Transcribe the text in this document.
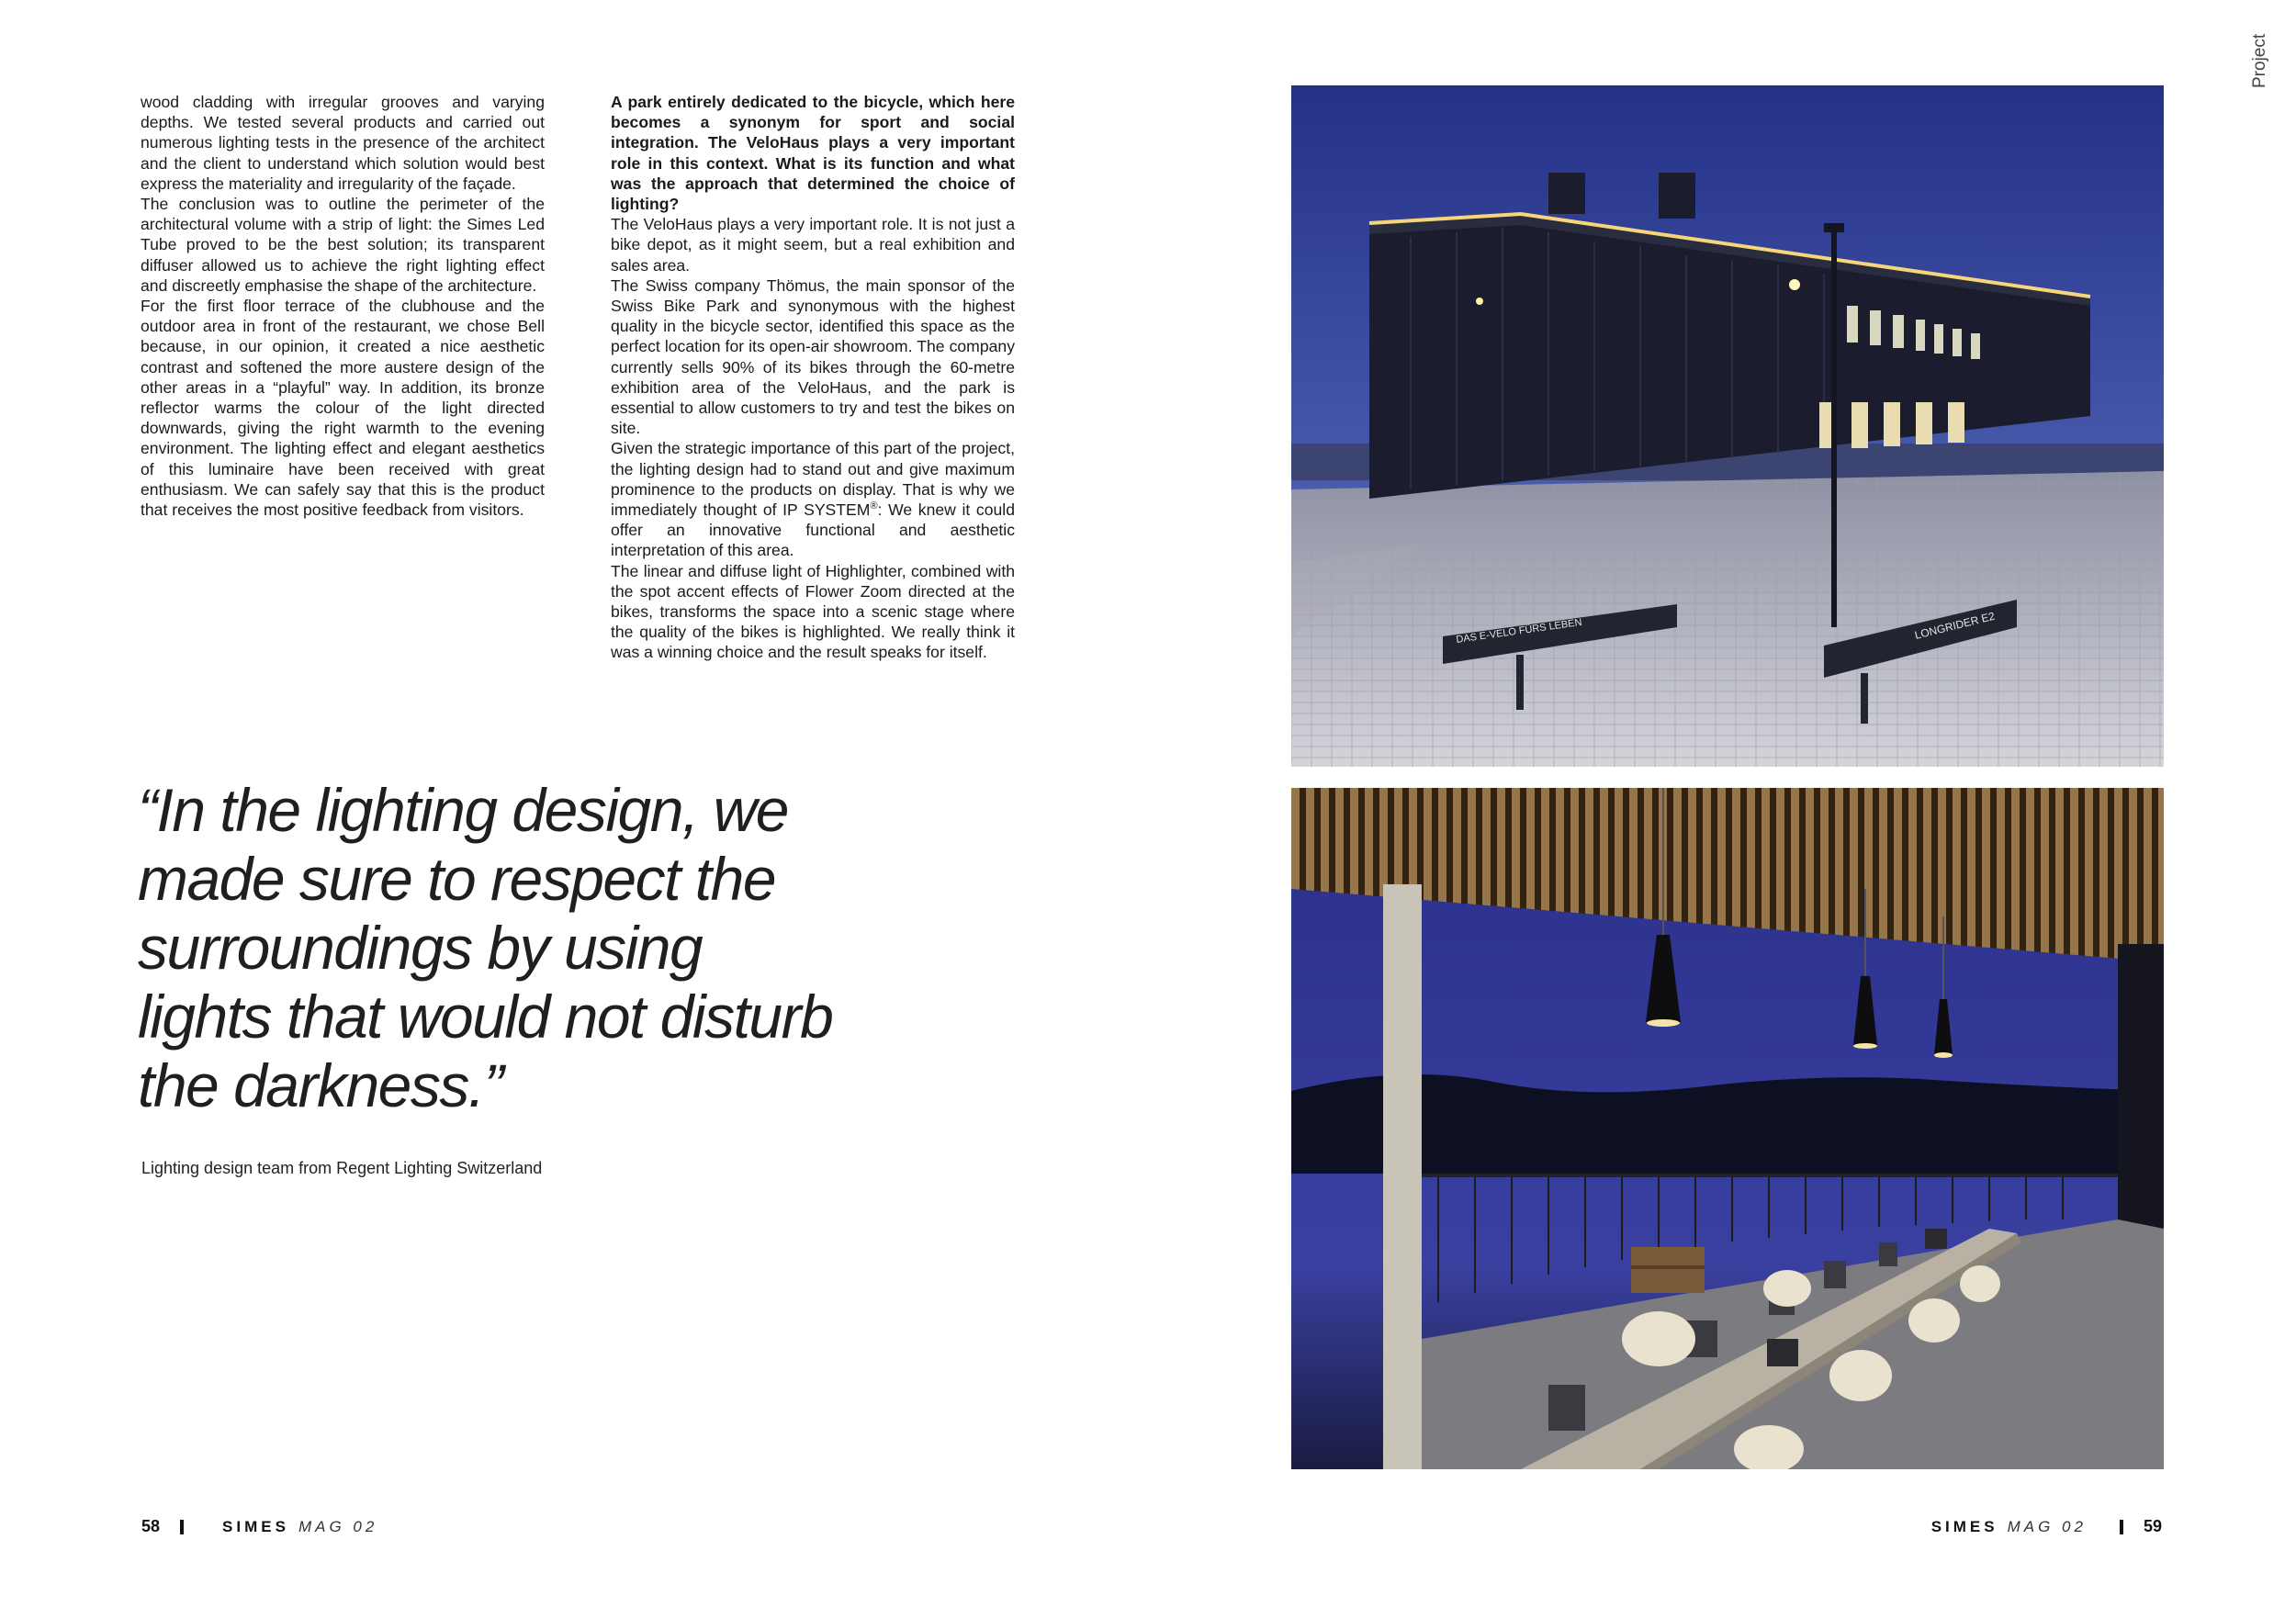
wood cladding with irregular grooves and varying depths. We tested several products and carried out numerous lighting tests in the presence of the architect and the client to understand which solution would best express the materiality and irregularity of the façade.

The conclusion was to outline the perimeter of the architectural volume with a strip of light: the Simes Led Tube proved to be the best solution; its transparent diffuser allowed us to achieve the right lighting effect and discreetly emphasise the shape of the architecture.

For the first floor terrace of the clubhouse and the outdoor area in front of the restaurant, we chose Bell because, in our opinion, it created a nice aesthetic contrast and softened the more austere design of the other areas in a “playful” way. In addition, its bronze reflector warms the colour of the light directed downwards, giving the right warmth to the evening environment. The lighting effect and elegant aesthetics of this luminaire have been received with great enthusiasm. We can safely say that this is the product that receives the most positive feedback from visitors.

A park entirely dedicated to the bicycle, which here becomes a synonym for sport and social integration. The VeloHaus plays a very important role in this context. What is its function and what was the approach that determined the choice of lighting?

The VeloHaus plays a very important role. It is not just a bike depot, as it might seem, but a real exhibition and sales area.

The Swiss company Thömus, the main sponsor of the Swiss Bike Park and synonymous with the highest quality in the bicycle sector, identified this space as the perfect location for its open-air showroom. The company currently sells 90% of its bikes through the 60-metre exhibition area of the VeloHaus, and the park is essential to allow customers to try and test the bikes on site.

Given the strategic importance of this part of the project, the lighting design had to stand out and give maximum prominence to the products on display. That is why we immediately thought of IP SYSTEM®: We knew it could offer an innovative functional and aesthetic interpretation of this area.

The linear and diffuse light of Highlighter, combined with the spot accent effects of Flower Zoom directed at the bikes, transforms the space into a scenic stage where the quality of the bikes is highlighted. We really think it was a winning choice and the result speaks for itself.

“In the lighting design, we
made sure to respect the
surroundings by using
lights that would not disturb
the darkness.”
Lighting design team from Regent Lighting Switzerland
DAS E-VELO FÜRS LEBEN	LONGRIDER E2
Project
58	SIMES MAG 02	SIMES MAG 02	59
